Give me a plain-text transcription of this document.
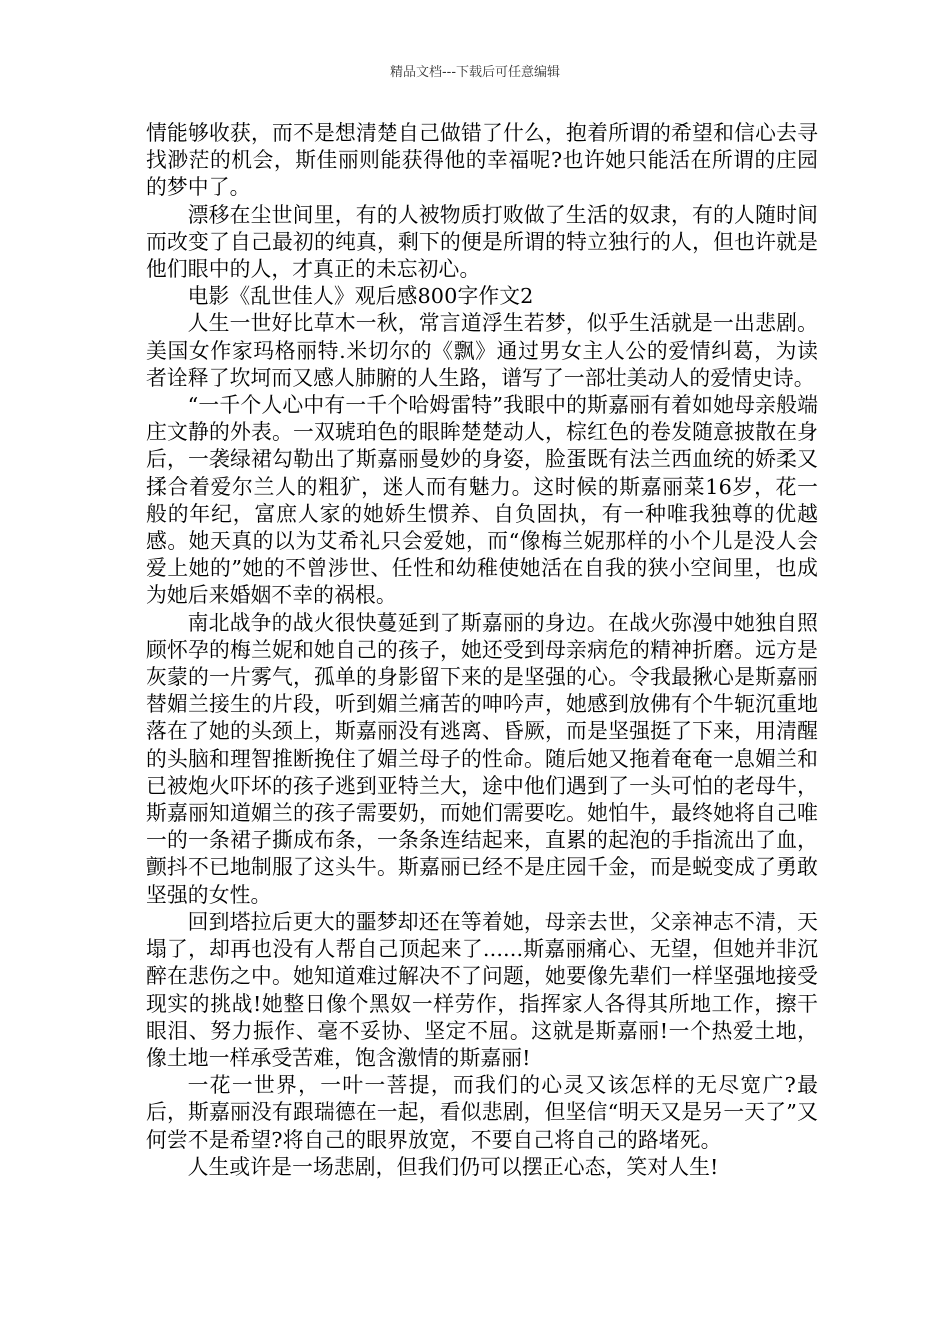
精品文档---下载后可任意编辑

情能够收获，而不是想清楚自己做错了什么，抱着所谓的希望和信心去寻找渺茫的机会，斯佳丽则能获得他的幸福呢?也许她只能活在所谓的庄园的梦中了。

漂移在尘世间里，有的人被物质打败做了生活的奴隶，有的人随时间而改变了自己最初的纯真，剩下的便是所谓的特立独行的人，但也许就是他们眼中的人，才真正的未忘初心。

电影《乱世佳人》观后感800字作文2

人生一世好比草木一秋，常言道浮生若梦，似乎生活就是一出悲剧。美国女作家玛格丽特.米切尔的《飘》通过男女主人公的爱情纠葛，为读者诠释了坎坷而又感人肺腑的人生路，谱写了一部壮美动人的爱情史诗。

“一千个人心中有一千个哈姆雷特”我眼中的斯嘉丽有着如她母亲般端庄文静的外表。一双琥珀色的眼眸楚楚动人，棕红色的卷发随意披散在身后，一袭绿裙勾勒出了斯嘉丽曼妙的身姿，脸蛋既有法兰西血统的娇柔又揉合着爱尔兰人的粗犷，迷人而有魅力。这时候的斯嘉丽菜16岁，花一般的年纪，富庶人家的她娇生惯养、自负固执，有一种唯我独尊的优越感。她天真的以为艾希礼只会爱她，而“像梅兰妮那样的小个儿是没人会爱上她的”她的不曾涉世、任性和幼稚使她活在自我的狭小空间里，也成为她后来婚姻不幸的祸根。

南北战争的战火很快蔓延到了斯嘉丽的身边。在战火弥漫中她独自照顾怀孕的梅兰妮和她自己的孩子，她还受到母亲病危的精神折磨。远方是灰蒙的一片雾气，孤单的身影留下来的是坚强的心。令我最揪心是斯嘉丽替媚兰接生的片段，听到媚兰痛苦的呻吟声，她感到放佛有个牛轭沉重地落在了她的头颈上，斯嘉丽没有逃离、昏厥，而是坚强挺了下来，用清醒的头脑和理智推断挽住了媚兰母子的性命。随后她又拖着奄奄一息媚兰和已被炮火吓坏的孩子逃到亚特兰大，途中他们遇到了一头可怕的老母牛，斯嘉丽知道媚兰的孩子需要奶，而她们需要吃。她怕牛，最终她将自己唯一的一条裙子撕成布条，一条条连结起来，直累的起泡的手指流出了血，颤抖不已地制服了这头牛。斯嘉丽已经不是庄园千金，而是蜕变成了勇敢坚强的女性。

回到塔拉后更大的噩梦却还在等着她，母亲去世，父亲神志不清，天塌了，却再也没有人帮自己顶起来了......斯嘉丽痛心、无望，但她并非沉醉在悲伤之中。她知道难过解决不了问题，她要像先辈们一样坚强地接受现实的挑战!她整日像个黑奴一样劳作，指挥家人各得其所地工作，擦干眼泪、努力振作、毫不妥协、坚定不屈。这就是斯嘉丽!一个热爱土地，像土地一样承受苦难，饱含激情的斯嘉丽!

一花一世界，一叶一菩提，而我们的心灵又该怎样的无尽宽广?最后，斯嘉丽没有跟瑞德在一起，看似悲剧，但坚信“明天又是另一天了”又何尝不是希望?将自己的眼界放宽，不要自己将自己的路堵死。

人生或许是一场悲剧，但我们仍可以摆正心态，笑对人生!
